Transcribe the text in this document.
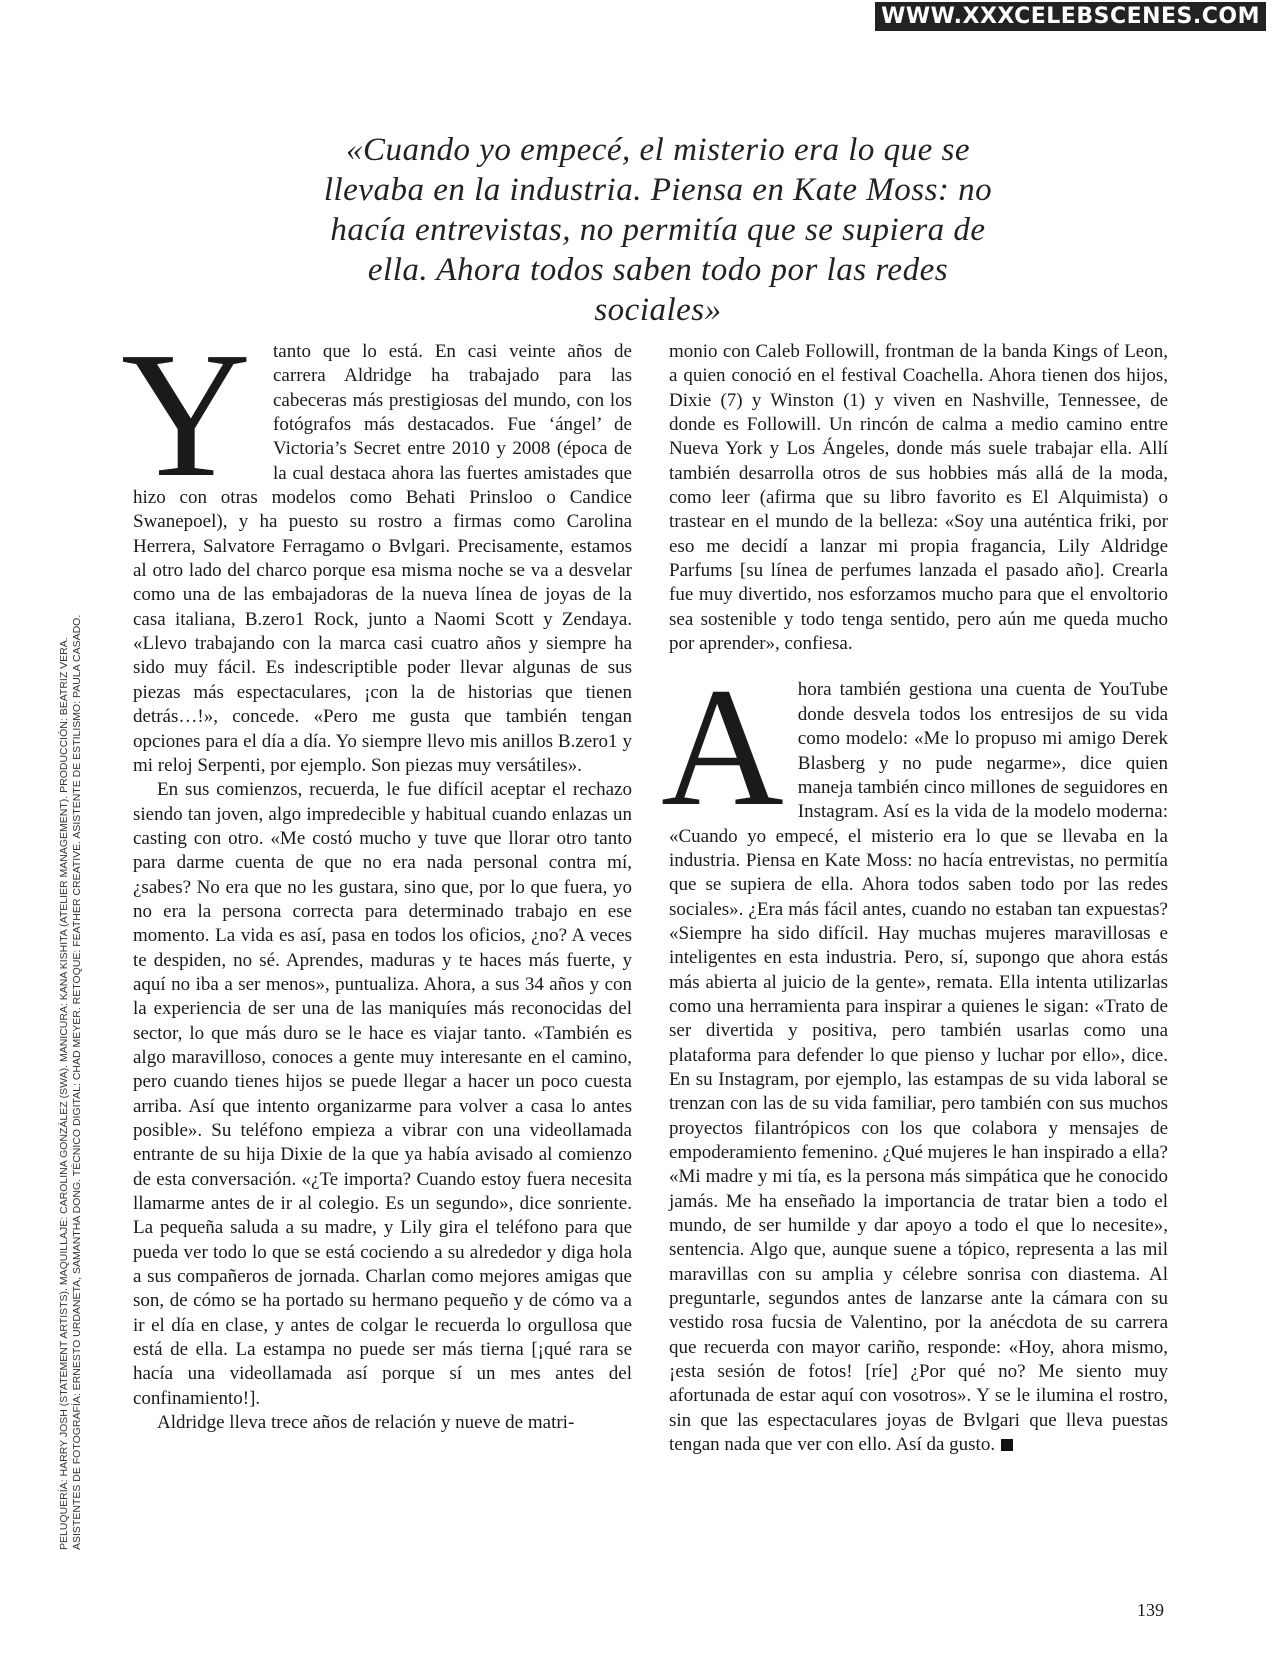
WWW.XXXCELEBSCENES.COM
«Cuando yo empecé, el misterio era lo que se llevaba en la industria. Piensa en Kate Moss: no hacía entrevistas, no permitía que se supiera de ella. Ahora todos saben todo por las redes sociales»

PELUQUERÍA: HARRY JOSH (STATEMENT ARTISTS). MAQUILLAJE: CAROLINA GONZÁLEZ (SWA). MANICURA: KANA KISHITA (ATELIER MANAGEMENT). PRODUCCIÓN: BEATRIZ VERA. ASISTENTES DE FOTOGRAFÍA: ERNESTO URDANETA, SAMANTHA DONG. TÉCNICO DIGITAL: CHAD MEYER. RETOQUE: FEATHER CREATIVE. ASISTENTE DE ESTILISMO: PAULA CASADO.

Y tanto que lo está. En casi veinte años de carrera Aldridge ha trabajado para las cabeceras más prestigiosas del mundo, con los fotógrafos más destacados. Fue ‘ángel’ de Victoria’s Secret entre 2010 y 2008 (época de la cual destaca ahora las fuertes amistades que hizo con otras modelos como Behati Prinsloo o Candice Swanepoel), y ha puesto su rostro a firmas como Carolina Herrera, Salvatore Ferragamo o Bvlgari. Precisamente, estamos al otro lado del charco porque esa misma noche se va a desvelar como una de las embajadoras de la nueva línea de joyas de la casa italiana, B.zero1 Rock, junto a Naomi Scott y Zendaya. «Llevo trabajando con la marca casi cuatro años y siempre ha sido muy fácil. Es indescriptible poder llevar algunas de sus piezas más espectaculares, ¡con la de historias que tienen detrás…!», concede. «Pero me gusta que también tengan opciones para el día a día. Yo siempre llevo mis anillos B.zero1 y mi reloj Serpenti, por ejemplo. Son piezas muy versátiles».

En sus comienzos, recuerda, le fue difícil aceptar el rechazo siendo tan joven, algo impredecible y habitual cuando enlazas un casting con otro. «Me costó mucho y tuve que llorar otro tanto para darme cuenta de que no era nada personal contra mí, ¿sabes? No era que no les gustara, sino que, por lo que fuera, yo no era la persona correcta para determinado trabajo en ese momento. La vida es así, pasa en todos los oficios, ¿no? A veces te despiden, no sé. Aprendes, maduras y te haces más fuerte, y aquí no iba a ser menos», puntualiza. Ahora, a sus 34 años y con la experiencia de ser una de las maniquíes más reconocidas del sector, lo que más duro se le hace es viajar tanto. «También es algo maravilloso, conoces a gente muy interesante en el camino, pero cuando tienes hijos se puede llegar a hacer un poco cuesta arriba. Así que intento organizarme para volver a casa lo antes posible». Su teléfono empieza a vibrar con una videollamada entrante de su hija Dixie de la que ya había avisado al comienzo de esta conversación. «¿Te importa? Cuando estoy fuera necesita llamarme antes de ir al colegio. Es un segundo», dice sonriente. La pequeña saluda a su madre, y Lily gira el teléfono para que pueda ver todo lo que se está cociendo a su alrededor y diga hola a sus compañeros de jornada. Charlan como mejores amigas que son, de cómo se ha portado su hermano pequeño y de cómo va a ir el día en clase, y antes de colgar le recuerda lo orgullosa que está de ella. La estampa no puede ser más tierna [¡qué rara se hacía una videollamada así porque sí un mes antes del confinamiento!].

Aldridge lleva trece años de relación y nueve de matri-

monio con Caleb Followill, frontman de la banda Kings of Leon, a quien conoció en el festival Coachella. Ahora tienen dos hijos, Dixie (7) y Winston (1) y viven en Nashville, Tennessee, de donde es Followill. Un rincón de calma a medio camino entre Nueva York y Los Ángeles, donde más suele trabajar ella. Allí también desarrolla otros de sus hobbies más allá de la moda, como leer (afirma que su libro favorito es El Alquimista) o trastear en el mundo de la belleza: «Soy una auténtica friki, por eso me decidí a lanzar mi propia fragancia, Lily Aldridge Parfums [su línea de perfumes lanzada el pasado año]. Crearla fue muy divertido, nos esforzamos mucho para que el envoltorio sea sostenible y todo tenga sentido, pero aún me queda mucho por aprender», confiesa.

A hora también gestiona una cuenta de YouTube donde desvela todos los entresijos de su vida como modelo: «Me lo propuso mi amigo Derek Blasberg y no pude negarme», dice quien maneja también cinco millones de seguidores en Instagram. Así es la vida de la modelo moderna: «Cuando yo empecé, el misterio era lo que se llevaba en la industria. Piensa en Kate Moss: no hacía entrevistas, no permitía que se supiera de ella. Ahora todos saben todo por las redes sociales». ¿Era más fácil antes, cuando no estaban tan expuestas? «Siempre ha sido difícil. Hay muchas mujeres maravillosas e inteligentes en esta industria. Pero, sí, supongo que ahora estás más abierta al juicio de la gente», remata. Ella intenta utilizarlas como una herramienta para inspirar a quienes le sigan: «Trato de ser divertida y positiva, pero también usarlas como una plataforma para defender lo que pienso y luchar por ello», dice. En su Instagram, por ejemplo, las estampas de su vida laboral se trenzan con las de su vida familiar, pero también con sus muchos proyectos filantrópicos con los que colabora y mensajes de empoderamiento femenino. ¿Qué mujeres le han inspirado a ella? «Mi madre y mi tía, es la persona más simpática que he conocido jamás. Me ha enseñado la importancia de tratar bien a todo el mundo, de ser humilde y dar apoyo a todo el que lo necesite», sentencia. Algo que, aunque suene a tópico, representa a las mil maravillas con su amplia y célebre sonrisa con diastema. Al preguntarle, segundos antes de lanzarse ante la cámara con su vestido rosa fucsia de Valentino, por la anécdota de su carrera que recuerda con mayor cariño, responde: «Hoy, ahora mismo, ¡esta sesión de fotos! [ríe] ¿Por qué no? Me siento muy afortunada de estar aquí con vosotros». Y se le ilumina el rostro, sin que las espectaculares joyas de Bvlgari que lleva puestas tengan nada que ver con ello. Así da gusto.

139
